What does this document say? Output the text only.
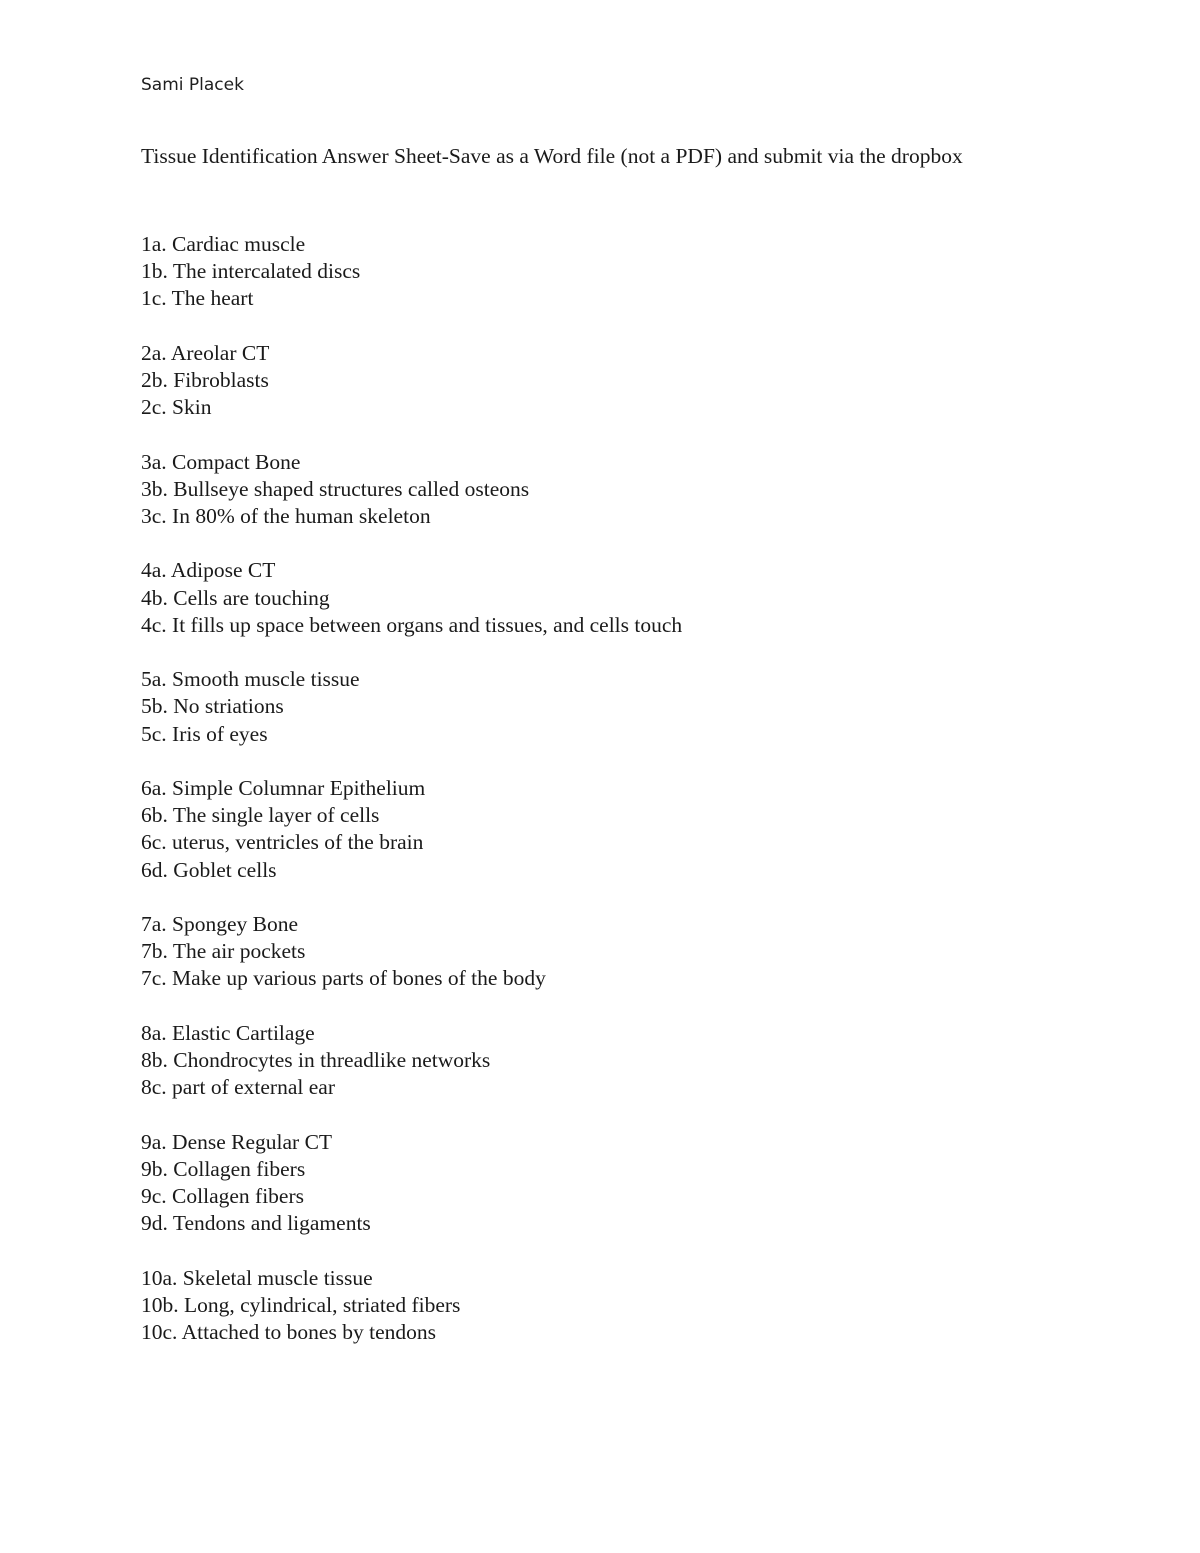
Sami Placek
Tissue Identification Answer Sheet-Save as a Word file (not a PDF) and submit via the dropbox
1a. Cardiac muscle
1b. The intercalated discs
1c. The heart
2a. Areolar CT
2b. Fibroblasts
2c. Skin
3a. Compact Bone
3b. Bullseye shaped structures called osteons
3c. In 80% of the human skeleton
4a. Adipose CT
4b. Cells are touching
4c. It fills up space between organs and tissues, and cells touch
5a. Smooth muscle tissue
5b. No striations
5c. Iris of eyes
6a. Simple Columnar Epithelium
6b. The single layer of cells
6c. uterus, ventricles of the brain
6d. Goblet cells
7a. Spongey Bone
7b. The air pockets
7c. Make up various parts of bones of the body
8a. Elastic Cartilage
8b. Chondrocytes in threadlike networks
8c. part of external ear
9a. Dense Regular CT
9b. Collagen fibers
9c. Collagen fibers
9d. Tendons and ligaments
10a. Skeletal muscle tissue
10b. Long, cylindrical, striated fibers
10c. Attached to bones by tendons
